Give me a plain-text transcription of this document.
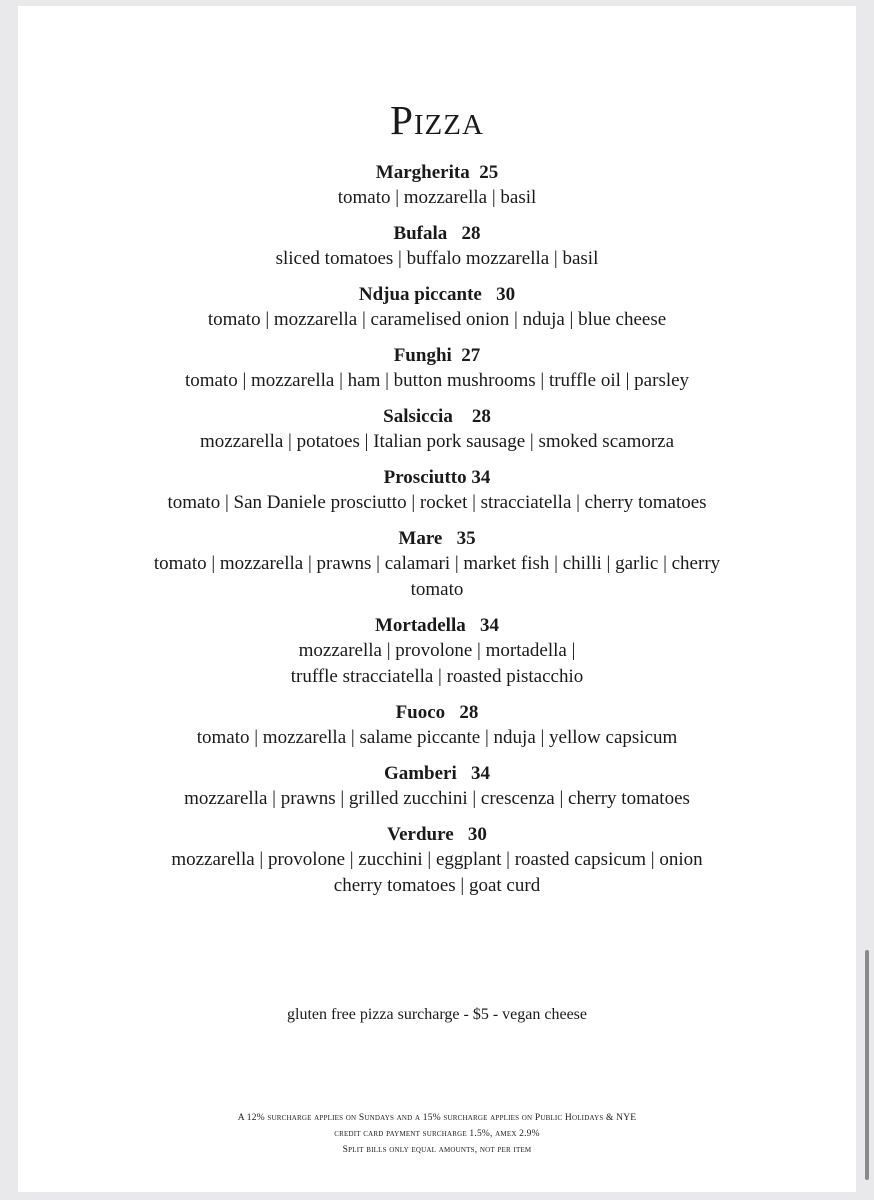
Pizza
Margherita  25
tomato | mozzarella | basil
Bufala   28
sliced tomatoes | buffalo mozzarella | basil
Ndjua piccante   30
tomato | mozzarella | caramelised onion | nduja | blue cheese
Funghi  27
tomato | mozzarella | ham | button mushrooms | truffle oil | parsley
Salsiccia    28
mozzarella | potatoes | Italian pork sausage | smoked scamorza
Prosciutto 34
tomato | San Daniele prosciutto | rocket | stracciatella | cherry tomatoes
Mare   35
tomato | mozzarella | prawns | calamari | market fish | chilli | garlic | cherry
tomato
Mortadella   34
mozzarella | provolone | mortadella |
truffle stracciatella | roasted pistacchio
Fuoco   28
tomato | mozzarella | salame piccante | nduja | yellow capsicum
Gamberi   34
mozzarella | prawns | grilled zucchini | crescenza | cherry tomatoes
Verdure   30
mozzarella | provolone | zucchini | eggplant | roasted capsicum | onion
cherry tomatoes | goat curd
gluten free pizza surcharge - $5 - vegan cheese
A 12% surcharge applies on Sundays and a 15% surcharge applies on Public Holidays & NYE
credit card payment surcharge 1.5%, amex 2.9%
Split bills only equal amounts, not per item
